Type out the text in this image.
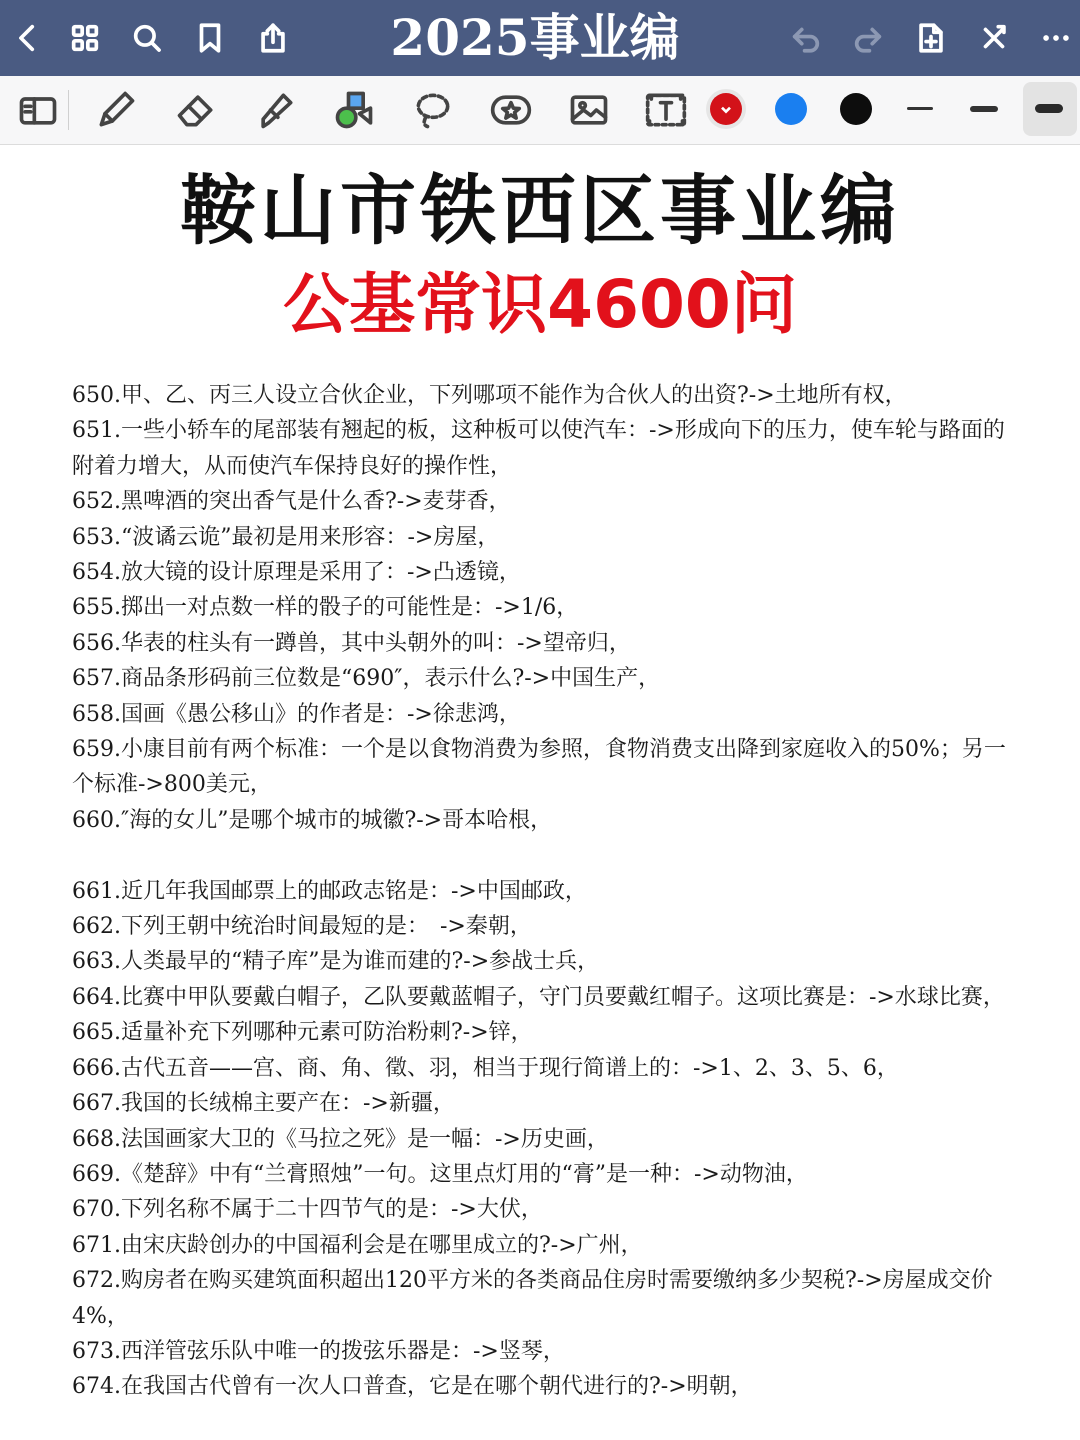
2025事业编
鞍山市铁西区事业编
公基常识4600问

650.甲、乙、丙三人设立合伙企业，下列哪项不能作为合伙人的出资?->土地所有权，

651.一些小轿车的尾部装有翘起的板，这种板可以使汽车：->形成向下的压力，使车轮与路面的附着力增大，从而使汽车保持良好的操作性，

652.黑啤酒的突出香气是什么香?->麦芽香，

653.“波谲云诡”最初是用来形容：->房屋，

654.放大镜的设计原理是采用了：->凸透镜，

655.掷出一对点数一样的骰子的可能性是：->1/6，

656.华表的柱头有一蹲兽，其中头朝外的叫：->望帝归，

657.商品条形码前三位数是“690″，表示什么?->中国生产，

658.国画《愚公移山》的作者是：->徐悲鸿，

659.小康目前有两个标准：一个是以食物消费为参照，食物消费支出降到家庭收入的50%；另一个标准->800美元，

660.″海的女儿”是哪个城市的城徽?->哥本哈根，

661.近几年我国邮票上的邮政志铭是：->中国邮政，

662.下列王朝中统治时间最短的是：　->秦朝，

663.人类最早的“精子库”是为谁而建的?->参战士兵，

664.比赛中甲队要戴白帽子，乙队要戴蓝帽子，守门员要戴红帽子。这项比赛是：->水球比赛，

665.适量补充下列哪种元素可防治粉刺?->锌，

666.古代五音——宫、商、角、徵、羽，相当于现行简谱上的：->1、2、3、5、6，

667.我国的长绒棉主要产在：->新疆，

668.法国画家大卫的《马拉之死》是一幅：->历史画，

669.《楚辞》中有“兰膏照烛”一句。这里点灯用的“膏”是一种：->动物油，

670.下列名称不属于二十四节气的是：->大伏，

671.由宋庆龄创办的中国福利会是在哪里成立的?->广州，

672.购房者在购买建筑面积超出120平方米的各类商品住房时需要缴纳多少契税?->房屋成交价4%，

673.西洋管弦乐队中唯一的拨弦乐器是：->竖琴，

674.在我国古代曾有一次人口普查，它是在哪个朝代进行的?->明朝，
